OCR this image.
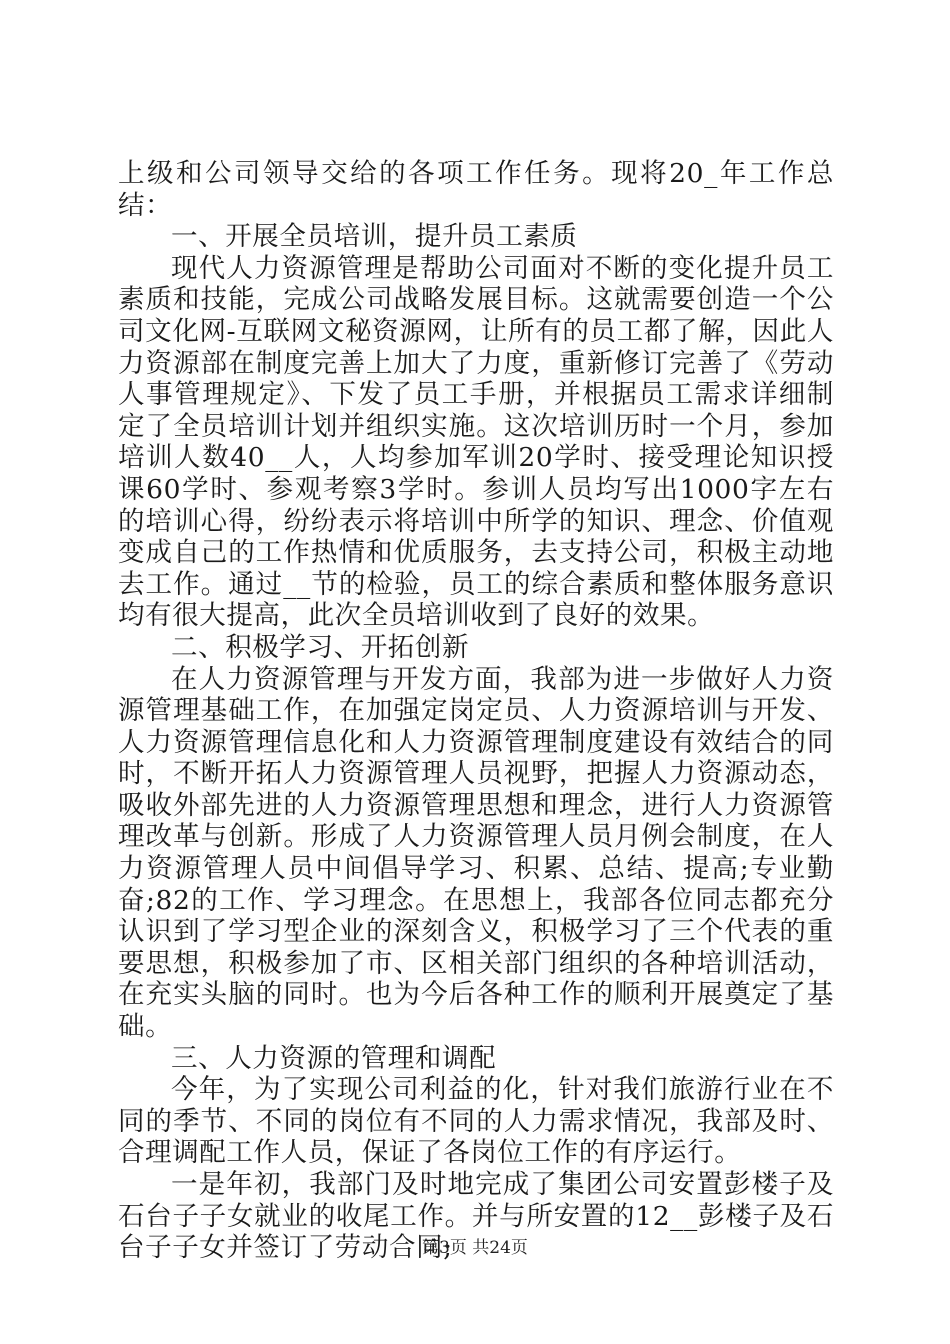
上级和公司领导交给的各项工作任务。现将20_年工作总结：

一、开展全员培训，提升员工素质

现代人力资源管理是帮助公司面对不断的变化提升员工素质和技能，完成公司战略发展目标。这就需要创造一个公司文化网-互联网文秘资源网，让所有的员工都了解，因此人力资源部在制度完善上加大了力度，重新修订完善了《劳动人事管理规定》、下发了员工手册，并根据员工需求详细制定了全员培训计划并组织实施。这次培训历时一个月，参加培训人数40__人，人均参加军训20学时、接受理论知识授课60学时、参观考察3学时。参训人员均写出1000字左右的培训心得，纷纷表示将培训中所学的知识、理念、价值观变成自己的工作热情和优质服务，去支持公司，积极主动地去工作。通过__节的检验，员工的综合素质和整体服务意识均有很大提高，此次全员培训收到了良好的效果。

二、积极学习、开拓创新

在人力资源管理与开发方面，我部为进一步做好人力资源管理基础工作，在加强定岗定员、人力资源培训与开发、人力资源管理信息化和人力资源管理制度建设有效结合的同时，不断开拓人力资源管理人员视野，把握人力资源动态，吸收外部先进的人力资源管理思想和理念，进行人力资源管理改革与创新。形成了人力资源管理人员月例会制度，在人力资源管理人员中间倡导学习、积累、总结、提高;专业勤奋;82的工作、学习理念。在思想上，我部各位同志都充分认识到了学习型企业的深刻含义，积极学习了三个代表的重要思想，积极参加了市、区相关部门组织的各种培训活动，在充实头脑的同时。也为今后各种工作的顺利开展奠定了基础。

三、人力资源的管理和调配

今年，为了实现公司利益的化，针对我们旅游行业在不同的季节、不同的岗位有不同的人力需求情况，我部及时、合理调配工作人员，保证了各岗位工作的有序运行。

一是年初，我部门及时地完成了集团公司安置彭楼子及石台子子女就业的收尾工作。并与所安置的12__彭楼子及石台子子女并签订了劳动合同;

第3页 共24页
